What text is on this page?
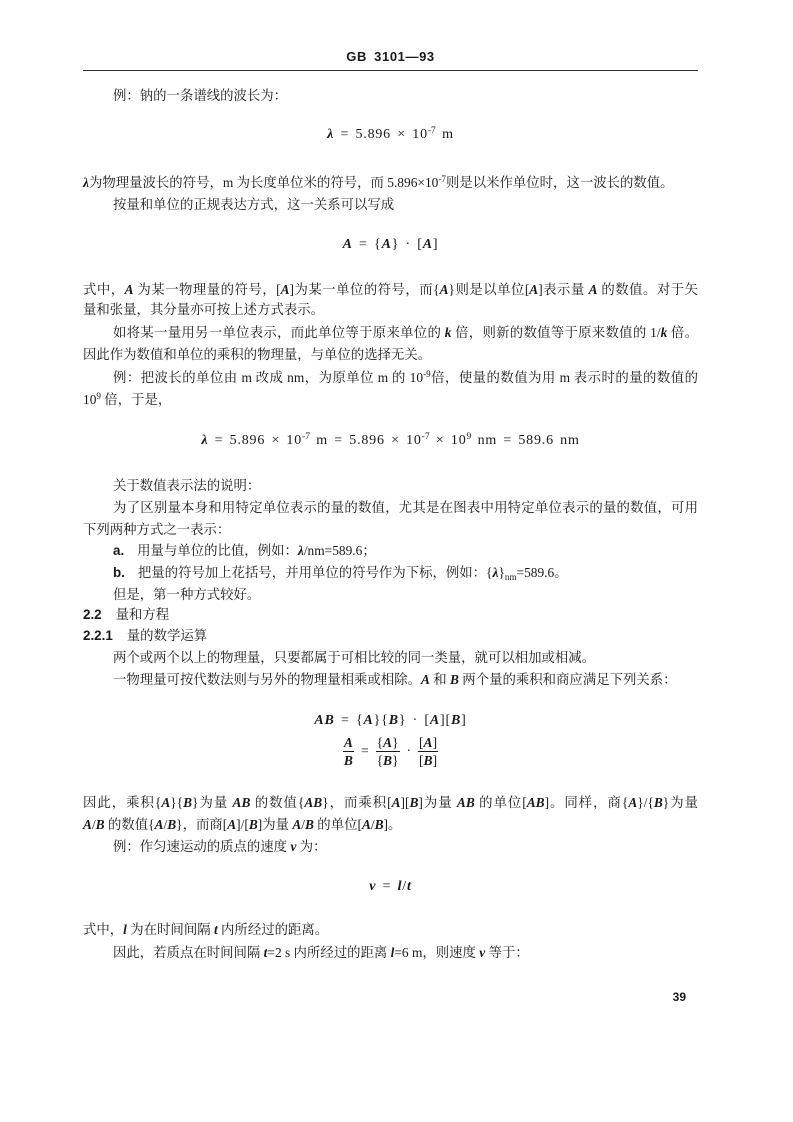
GB 3101—93

例：钠的一条谱线的波长为：

$\lambda = 5.896 \times 10^{-7}$ m

λ为物理量波长的符号，m 为长度单位米的符号，而 $5.896\times 10^{-7}$则是以米作单位时，这一波长的数值。

按量和单位的正规表达方式，这一关系可以写成

A = {A} · [A]

式中，A 为某一物理量的符号，[A]为某一单位的符号，而{A}则是以单位[A]表示量 A 的数值。对于矢

量和张量，其分量亦可按上述方式表示。

如将某一量用另一单位表示，而此单位等于原来单位的 k 倍，则新的数值等于原来数值的 1/k 倍。

因此作为数值和单位的乘积的物理量，与单位的选择无关。

例：把波长的单位由 m 改成 nm，为原单位 m 的 $10^{-9}$倍，使量的数值为用 m 表示时的量的数值的

$10^9$ 倍，于是，

$\lambda = 5.896 \times 10^{-7}$ $m = 5.896 \times 10^{-7} \times 10^9$ nm = 589.6 nm

关于数值表示法的说明：

为了区别量本身和用特定单位表示的量的数值，尤其是在图表中用特定单位表示的量的数值，可用

下列两种方式之一表示：

a. 用量与单位的比值，例如：λ/nm=589.6；

b. 把量的符号加上花括号，并用单位的符号作为下标，例如：$\{\lambda\}_{nm}=589.6$。

但是，第一种方式较好。

2.2 量和方程

2.2.1 量的数学运算

两个或两个以上的物理量，只要都属于可相比较的同一类量，就可以相加或相减。

一物理量可按代数法则与另外的物理量相乘或相除。A 和 B 两个量的乘积和商应满足下列关系：

AB = {A}{B} · [A][B]
$\frac{A}{B} = \frac{\{A\}}{\{B\}} \cdot \frac{[A]}{[B]}$

因此，乘积{A}{B}为量 AB 的数值{AB}，而乘积[A][B]为量 AB 的单位[AB]。同样，商{A}/{B}为量

A/B 的数值{A/B}，而商[A]/[B]为量 A/B 的单位[A/B]。

例：作匀速运动的质点的速度 v 为：

v = l/t

式中，l 为在时间间隔 t 内所经过的距离。

因此，若质点在时间间隔 t=2 s 内所经过的距离 l=6 m，则速度 v 等于：

39
